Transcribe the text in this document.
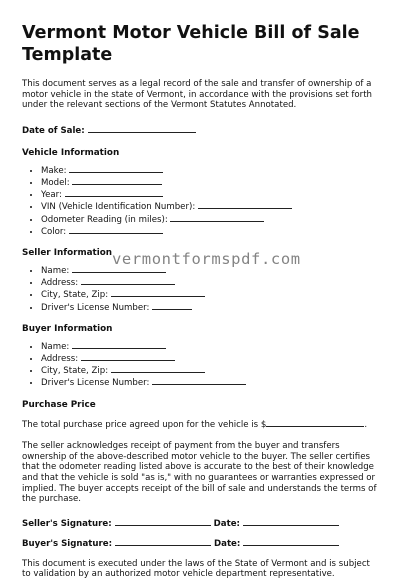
Vermont Motor Vehicle Bill of Sale Template

This document serves as a legal record of the sale and transfer of ownership of a motor vehicle in the state of Vermont, in accordance with the provisions set forth under the relevant sections of the Vermont Statutes Annotated.

Date of Sale:
Vehicle Information
• Make:
• Model:
• Year:
• VIN (Vehicle Identification Number):
• Odometer Reading (in miles):
• Color:
Seller Information
• Name:
• Address:
• City, State, Zip:
• Driver's License Number:
Buyer Information
• Name:
• Address:
• City, State, Zip:
• Driver's License Number:
Purchase Price

The total purchase price agreed upon for the vehicle is $	.

The seller acknowledges receipt of payment from the buyer and transfers ownership of the above-described motor vehicle to the buyer. The seller certifies that the odometer reading listed above is accurate to the best of their knowledge and that the vehicle is sold "as is," with no guarantees or warranties expressed or implied. The buyer accepts receipt of the bill of sale and understands the terms of the purchase.

Seller's Signature:	Date:
Buyer's Signature:	Date:

This document is executed under the laws of the State of Vermont and is subject to validation by an authorized motor vehicle department representative.

vermontformspdf.com
